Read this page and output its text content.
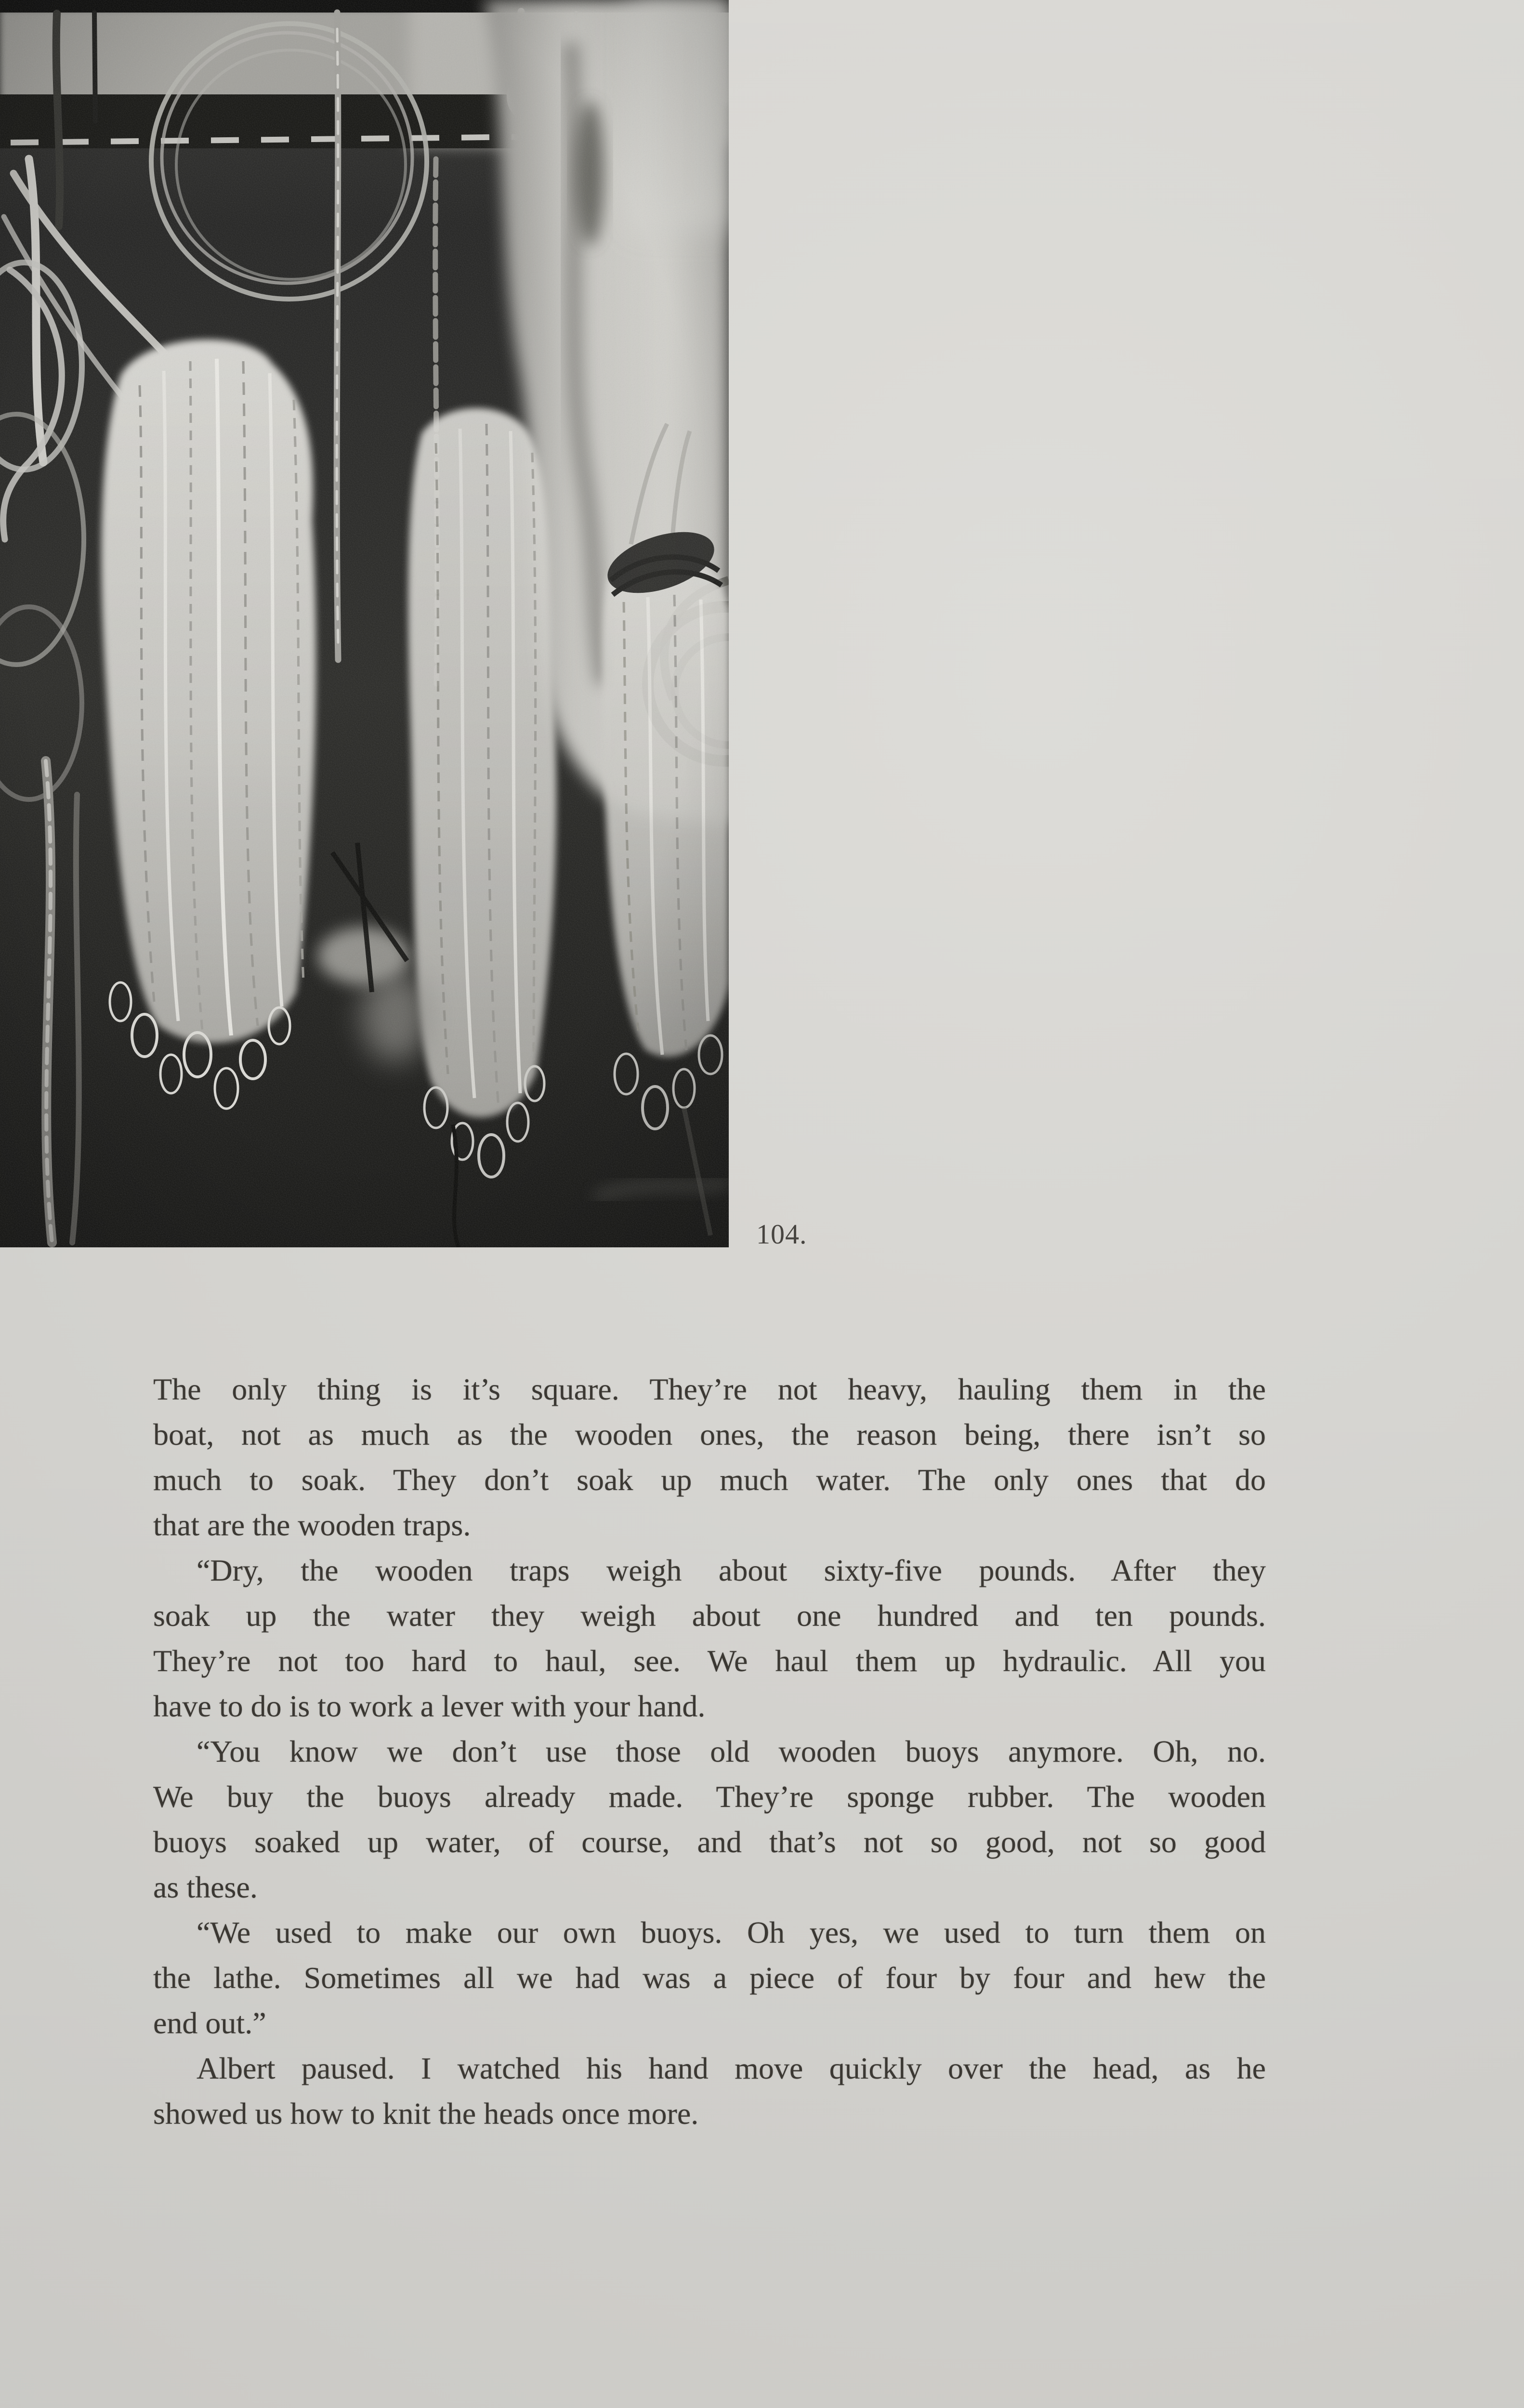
104.
The only thing is it’s square. They’re not heavy, hauling them in the
boat, not as much as the wooden ones, the reason being, there isn’t so
much to soak. They don’t soak up much water. The only ones that do
that are the wooden traps.
“Dry, the wooden traps weigh about sixty-five pounds. After they
soak up the water they weigh about one hundred and ten pounds.
They’re not too hard to haul, see. We haul them up hydraulic. All you
have to do is to work a lever with your hand.
“You know we don’t use those old wooden buoys anymore. Oh, no.
We buy the buoys already made. They’re sponge rubber. The wooden
buoys soaked up water, of course, and that’s not so good, not so good
as these.
“We used to make our own buoys. Oh yes, we used to turn them on
the lathe. Sometimes all we had was a piece of four by four and hew the
end out.”
Albert paused. I watched his hand move quickly over the head, as he
showed us how to knit the heads once more.
